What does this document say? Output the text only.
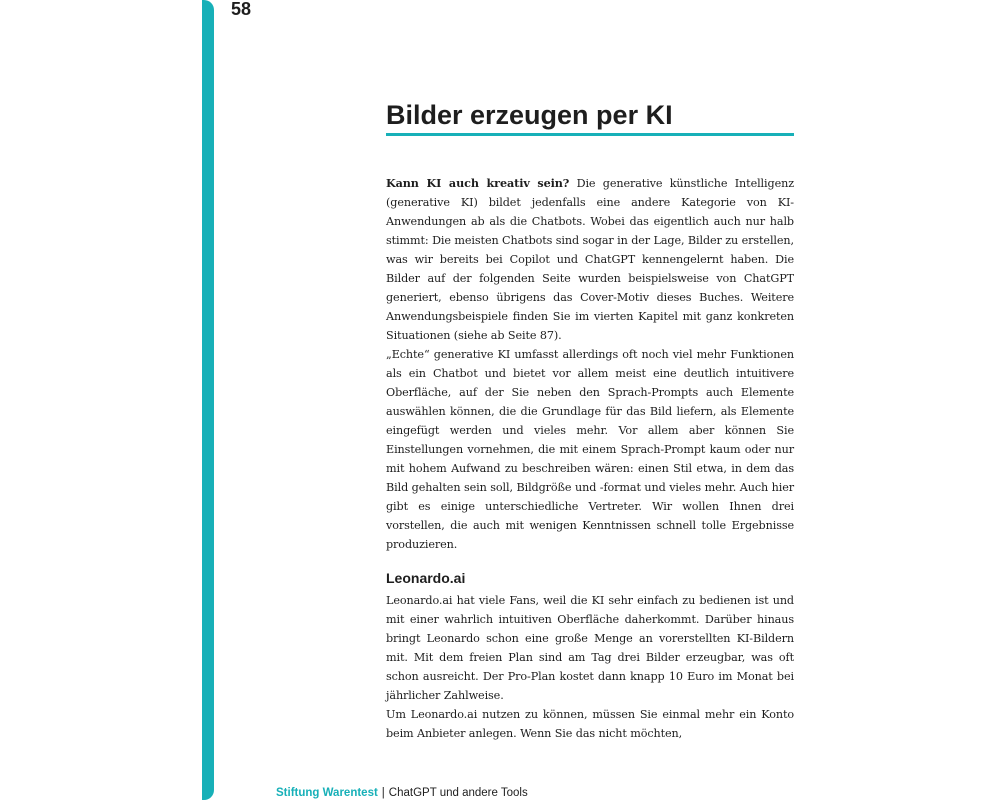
58
Bilder erzeugen per KI

Kann KI auch kreativ sein? Die generative künstliche Intelligenz (generative KI) bildet jedenfalls eine andere Kategorie von KI-Anwendungen ab als die Chatbots. Wobei das eigentlich auch nur halb stimmt: Die meisten Chatbots sind sogar in der Lage, Bilder zu erstellen, was wir bereits bei Copilot und ChatGPT kennengelernt haben. Die Bilder auf der folgenden Seite wurden beispielsweise von ChatGPT generiert, ebenso übrigens das Cover-Motiv dieses Buches. Weitere Anwendungsbeispiele finden Sie im vierten Kapitel mit ganz konkreten Situationen (siehe ab Seite 87).

„Echte“ generative KI umfasst allerdings oft noch viel mehr Funktionen als ein Chatbot und bietet vor allem meist eine deutlich intuitivere Oberfläche, auf der Sie neben den Sprach-Prompts auch Elemente auswählen können, die die Grundlage für das Bild liefern, als Elemente eingefügt werden und vieles mehr. Vor allem aber können Sie Einstellungen vornehmen, die mit einem Sprach-Prompt kaum oder nur mit hohem Aufwand zu beschreiben wären: einen Stil etwa, in dem das Bild gehalten sein soll, Bildgröße und -format und vieles mehr. Auch hier gibt es einige unterschiedliche Vertreter. Wir wollen Ihnen drei vorstellen, die auch mit wenigen Kenntnissen schnell tolle Ergebnisse produzieren.

Leonardo.ai

Leonardo.ai hat viele Fans, weil die KI sehr einfach zu bedienen ist und mit einer wahrlich intuitiven Oberfläche daherkommt. Darüber hinaus bringt Leonardo schon eine große Menge an vorerstellten KI-Bildern mit. Mit dem freien Plan sind am Tag drei Bilder erzeugbar, was oft schon ausreicht. Der Pro-Plan kostet dann knapp 10 Euro im Monat bei jährlicher Zahlweise.

Um Leonardo.ai nutzen zu können, müssen Sie einmal mehr ein Konto beim Anbieter anlegen. Wenn Sie das nicht möchten,

Stiftung Warentest | ChatGPT und andere Tools
